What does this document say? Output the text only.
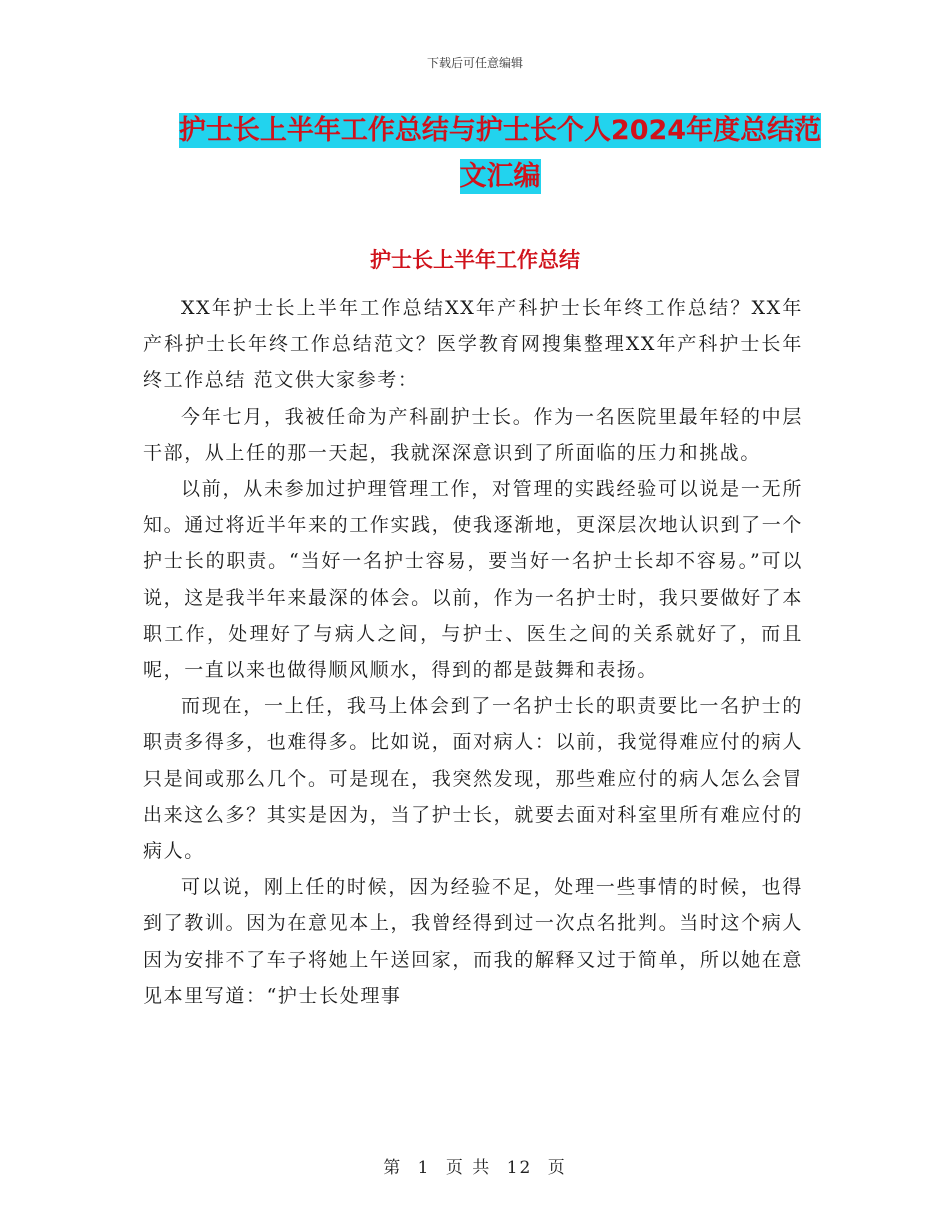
下载后可任意编辑
护士长上半年工作总结与护士长个人2024年度总结范
文汇编
护士长上半年工作总结

XX年护士长上半年工作总结XX年产科护士长年终工作总结？XX年产科护士长年终工作总结范文？医学教育网搜集整理XX年产科护士长年终工作总结 范文供大家参考：

今年七月，我被任命为产科副护士长。作为一名医院里最年轻的中层干部，从上任的那一天起，我就深深意识到了所面临的压力和挑战。

以前，从未参加过护理管理工作，对管理的实践经验可以说是一无所知。通过将近半年来的工作实践，使我逐渐地，更深层次地认识到了一个护士长的职责。“当好一名护士容易，要当好一名护士长却不容易。”可以说，这是我半年来最深的体会。以前，作为一名护士时，我只要做好了本职工作，处理好了与病人之间，与护士、医生之间的关系就好了，而且呢，一直以来也做得顺风顺水，得到的都是鼓舞和表扬。

而现在，一上任，我马上体会到了一名护士长的职责要比一名护士的职责多得多，也难得多。比如说，面对病人：以前，我觉得难应付的病人只是间或那么几个。可是现在，我突然发现，那些难应付的病人怎么会冒出来这么多？其实是因为，当了护士长，就要去面对科室里所有难应付的病人。

可以说，刚上任的时候，因为经验不足，处理一些事情的时候，也得到了教训。因为在意见本上，我曾经得到过一次点名批判。当时这个病人因为安排不了车子将她上午送回家，而我的解释又过于简单，所以她在意见本里写道：“护士长处理事

第 1 页 共 12 页
